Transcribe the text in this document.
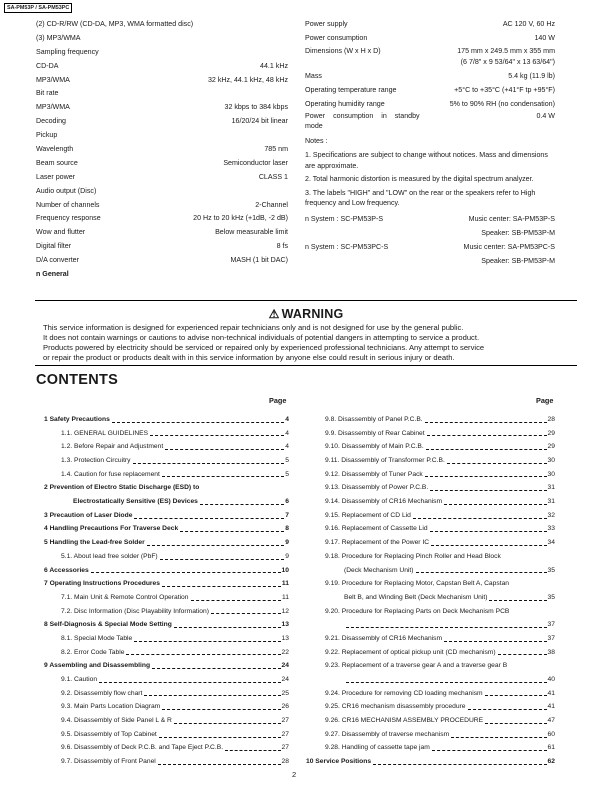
SA-PM53P / SA-PM53PC
(2) CD-R/RW (CD-DA, MP3, WMA formatted disc)
(3) MP3/WMA
Sampling frequency
CD-DA	44.1 kHz
MP3/WMA	32 kHz, 44.1 kHz, 48 kHz
Bit rate
MP3/WMA	32 kbps to 384 kbps
Decoding	16/20/24 bit linear
Pickup
Wavelength	785 nm
Beam source	Semiconductor laser
Laser power	CLASS 1
Audio output (Disc)
Number of channels	2-Channel
Frequency response	20 Hz to 20 kHz (+1dB, -2 dB)
Wow and flutter	Below measurable limit
Digital filter	8 fs
D/A converter	MASH (1 bit DAC)
n General
Power supply	AC 120 V, 60 Hz
Power consumption	140 W
Dimensions (W x H x D)	175 mm x 249.5 mm x 355 mm
(6 7/8" x 9 53/64" x 13 63/64")
Mass	5.4 kg (11.9 lb)
Operating temperature range	+5°C to +35°C (+41°F tp +95°F)
Operating humidity range	5% to 90% RH (no condensation)
Power consumption in standby	0.4 W
mode
Notes :
1. Specifications are subject to change without notices. Mass and dimensions are approximate.
2. Total harmonic distortion is measured by the digital spectrum analyzer.
3. The labels "HIGH" and "LOW" on the rear or the speakers refer to High frequency and Low frequency.
n System : SC-PM53P-S	Music center: SA-PM53P-S
Speaker: SB-PM53P-M
n System : SC-PM53PC-S	Music center: SA-PM53PC-S
Speaker: SB-PM53P-M
⚠ WARNING
This service information is designed for experienced repair technicians only and is not designed for use by the general public.
It does not contain warnings or cautions to advise non-technical individuals of potential dangers in attempting to service a product.
Products powered by electricity should be serviced or repaired only by experienced professional technicians. Any attempt to service
or repair the product or products dealt with in this service information by anyone else could result in serious injury or death.
CONTENTS
Page	Page
1 Safety Precautions	4
1.1. GENERAL GUIDELINES	4
1.2. Before Repair and Adjustment	4
1.3. Protection Circuitry	5
1.4. Caution for fuse replacement	5
2 Prevention of Electro Static Discharge (ESD) to
Electrostatically Sensitive (ES) Devices	6
3 Precaution of Laser Diode	7
4 Handling Precautions For Traverse Deck	8
5 Handling the Lead-free Solder	9
5.1. About lead free solder (PbF)	9
6 Accessories	10
7 Operating Instructions Procedures	11
7.1. Main Unit & Remote Control Operation	11
7.2. Disc Information (Disc Playability Information)	12
8 Self-Diagnosis & Special Mode Setting	13
8.1. Special Mode Table	13
8.2. Error Code Table	22
9 Assembling and Disassembling	24
9.1. Caution	24
9.2. Disassembly flow chart	25
9.3. Main Parts Location Diagram	26
9.4. Disassembly of Side Panel L & R	27
9.5. Disassembly of Top Cabinet	27
9.6. Disassembly of Deck P.C.B. and Tape Eject P.C.B.	27
9.7. Disassembly of Front Panel	28
9.8. Disassembly of Panel P.C.B.	28
9.9. Disassembly of Rear Cabinet	29
9.10. Disassembly of Main P.C.B.	29
9.11. Disassembly of Transformer P.C.B.	30
9.12. Disassembly of Tuner Pack	30
9.13. Disassembly of Power P.C.B.	31
9.14. Disassembly of CR16 Mechanism	31
9.15. Replacement of CD Lid	32
9.16. Replacement of Cassette Lid	33
9.17. Replacement of the Power IC	34
9.18. Procedure for Replacing Pinch Roller and Head Block
(Deck Mechanism Unit)	35
9.19. Procedure for Replacing Motor, Capstan Belt A, Capstan
Belt B, and Winding Belt (Deck Mechanism Unit)	35
9.20. Procedure for Replacing Parts on Deck Mechanism PCB
37
9.21. Disassembly of CR16 Mechanism	37
9.22. Replacement of optical pickup unit (CD mechanism)	38
9.23. Replacement of a traverse gear A and a traverse gear B
40
9.24. Procedure for removing CD loading mechanism	41
9.25. CR16 mechanism disassembly procedure	41
9.26. CR16 MECHANISM ASSEMBLY PROCEDURE	47
9.27. Disassembly of traverse mechanism	60
9.28. Handling of cassette tape jam	61
10 Service Positions	62
2
